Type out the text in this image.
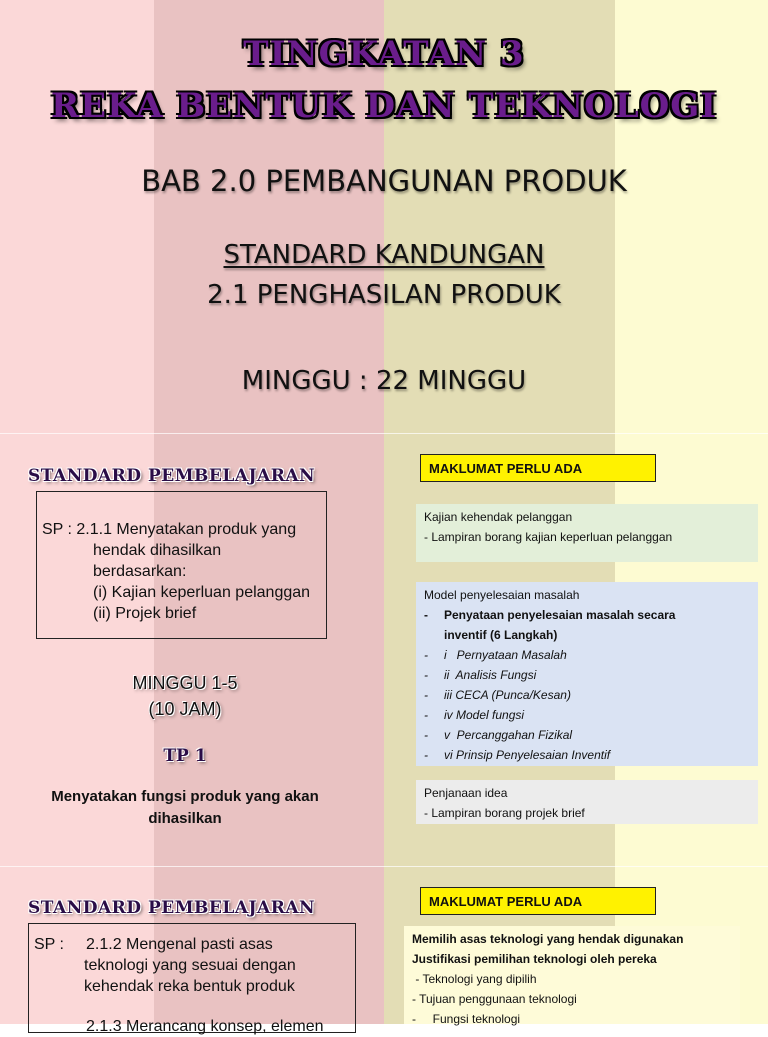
TINGKATAN 3
REKA BENTUK DAN TEKNOLOGI
BAB 2.0 PEMBANGUNAN PRODUK
STANDARD KANDUNGAN
2.1 PENGHASILAN PRODUK
MINGGU : 22 MINGGU
STANDARD PEMBELAJARAN
SP : 2.1.1 Menyatakan produk yang
hendak dihasilkan
berdasarkan:
(i) Kajian keperluan pelanggan
(ii) Projek brief
MINGGU 1-5
(10 JAM)
TP 1
Menyatakan fungsi produk yang akan
dihasilkan
MAKLUMAT PERLU ADA
Kajian kehendak pelanggan
- Lampiran borang kajian keperluan pelanggan
Model penyelesaian masalah
- Penyataan penyelesaian masalah secara
inventif (6 Langkah)
- i   Pernyataan Masalah
- ii  Analisis Fungsi
- iii CECA (Punca/Kesan)
- iv Model fungsi
- v  Percanggahan Fizikal
- vi Prinsip Penyelesaian Inventif
Penjanaan idea
- Lampiran borang projek brief
STANDARD PEMBELAJARAN
SP : 2.1.2 Mengenal pasti asas
teknologi yang sesuai dengan
kehendak reka bentuk produk
2.1.3 Merancang konsep, elemen
MAKLUMAT PERLU ADA
Memilih asas teknologi yang hendak digunakan
Justifikasi pemilihan teknologi oleh pereka
- Teknologi yang dipilih
- Tujuan penggunaan teknologi
-     Fungsi teknologi
